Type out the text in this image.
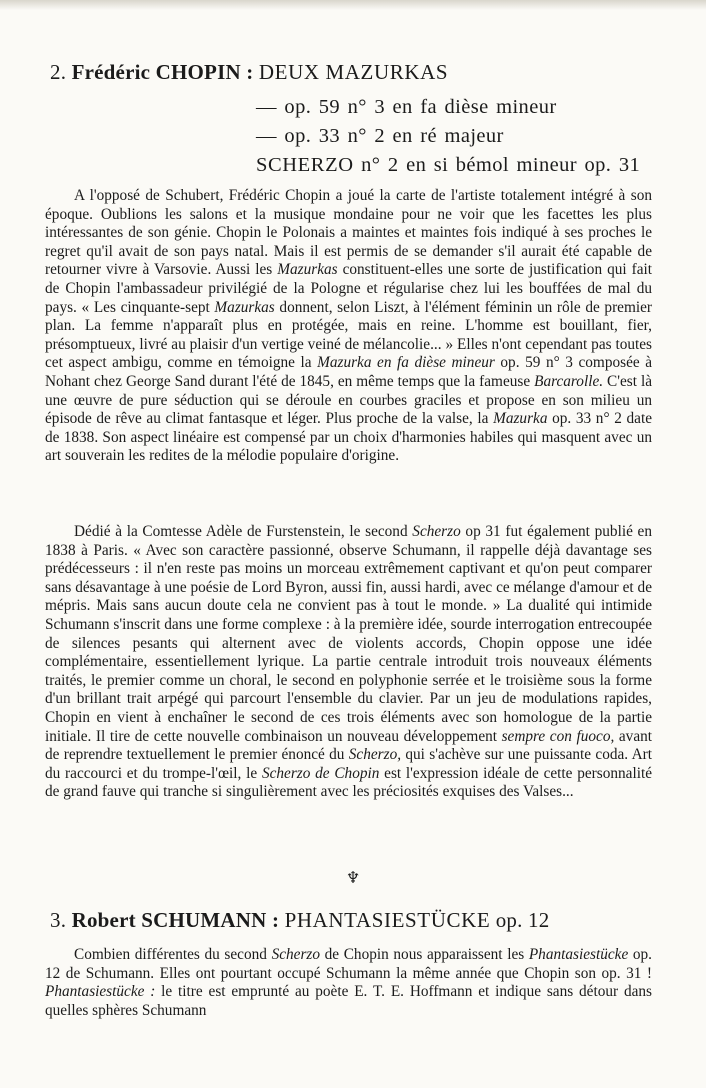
2. Frédéric CHOPIN : DEUX MAZURKAS
— op. 59 n° 3 en fa dièse mineur
— op. 33 n° 2 en ré majeur
SCHERZO n° 2 en si bémol mineur op. 31

A l'opposé de Schubert, Frédéric Chopin a joué la carte de l'artiste totalement intégré à son époque. Oublions les salons et la musique mondaine pour ne voir que les facettes les plus intéressantes de son génie. Chopin le Polonais a maintes et maintes fois indiqué à ses proches le regret qu'il avait de son pays natal. Mais il est permis de se demander s'il aurait été capable de retourner vivre à Varsovie. Aussi les Mazurkas constituent-elles une sorte de justification qui fait de Chopin l'ambassadeur privilégié de la Pologne et régularise chez lui les bouffées de mal du pays. « Les cinquante-sept Mazurkas donnent, selon Liszt, à l'élément féminin un rôle de premier plan. La femme n'apparaît plus en protégée, mais en reine. L'homme est bouillant, fier, présomptueux, livré au plaisir d'un vertige veiné de mélancolie... » Elles n'ont cependant pas toutes cet aspect ambigu, comme en témoigne la Mazurka en fa dièse mineur op. 59 n° 3 composée à Nohant chez George Sand durant l'été de 1845, en même temps que la fameuse Barcarolle. C'est là une œuvre de pure séduction qui se déroule en courbes graciles et propose en son milieu un épisode de rêve au climat fantasque et léger. Plus proche de la valse, la Mazurka op. 33 n° 2 date de 1838. Son aspect linéaire est compensé par un choix d'harmonies habiles qui masquent avec un art souverain les redites de la mélodie populaire d'origine.

Dédié à la Comtesse Adèle de Furstenstein, le second Scherzo op 31 fut également publié en 1838 à Paris. « Avec son caractère passionné, observe Schumann, il rappelle déjà davantage ses prédécesseurs : il n'en reste pas moins un morceau extrêmement captivant et qu'on peut comparer sans désavantage à une poésie de Lord Byron, aussi fin, aussi hardi, avec ce mélange d'amour et de mépris. Mais sans aucun doute cela ne convient pas à tout le monde. » La dualité qui intimide Schumann s'inscrit dans une forme complexe : à la première idée, sourde interrogation entrecoupée de silences pesants qui alternent avec de violents accords, Chopin oppose une idée complémentaire, essentiellement lyrique. La partie centrale introduit trois nouveaux éléments traités, le premier comme un choral, le second en polyphonie serrée et le troisième sous la forme d'un brillant trait arpégé qui parcourt l'ensemble du clavier. Par un jeu de modulations rapides, Chopin en vient à enchaîner le second de ces trois éléments avec son homologue de la partie initiale. Il tire de cette nouvelle combinaison un nouveau développement sempre con fuoco, avant de reprendre textuellement le premier énoncé du Scherzo, qui s'achève sur une puissante coda. Art du raccourci et du trompe-l'œil, le Scherzo de Chopin est l'expression idéale de cette personnalité de grand fauve qui tranche si singulièrement avec les préciosités exquises des Valses...

♆
3. Robert SCHUMANN : PHANTASIESTÜCKE op. 12

Combien différentes du second Scherzo de Chopin nous apparaissent les Phantasiestücke op. 12 de Schumann. Elles ont pourtant occupé Schumann la même année que Chopin son op. 31 ! Phantasiestücke : le titre est emprunté au poète E. T. E. Hoffmann et indique sans détour dans quelles sphères Schumann
